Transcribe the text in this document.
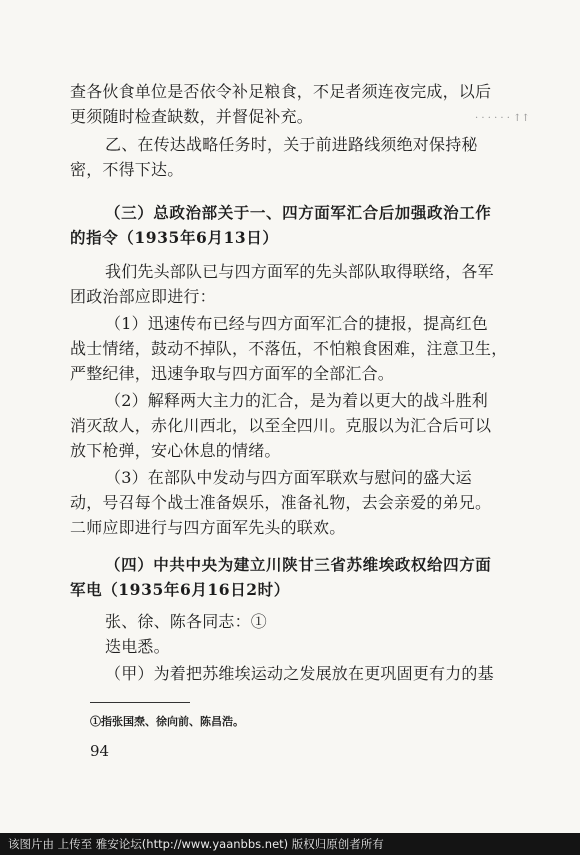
查各伙食单位是否依令补足粮食，不足者须连夜完成，以后
更须随时检查缺数，并督促补充。	· · · · · · ↑↑
乙、在传达战略任务时，关于前进路线须绝对保持秘
密，不得下达。
（三）总政治部关于一、四方面军汇合后加强政治工作
的指令（1935年6月13日）
我们先头部队已与四方面军的先头部队取得联络，各军
团政治部应即进行：
（1）迅速传布已经与四方面军汇合的捷报，提高红色
战士情绪，鼓动不掉队，不落伍，不怕粮食困难，注意卫生，
严整纪律，迅速争取与四方面军的全部汇合。
（2）解释两大主力的汇合，是为着以更大的战斗胜利
消灭敌人，赤化川西北，以至全四川。克服以为汇合后可以
放下枪弹，安心休息的情绪。
（3）在部队中发动与四方面军联欢与慰问的盛大运
动，号召每个战士准备娱乐，准备礼物，去会亲爱的弟兄。
二师应即进行与四方面军先头的联欢。
（四）中共中央为建立川陕甘三省苏维埃政权给四方面
军电（1935年6月16日2时）
张、徐、陈各同志：①
迭电悉。
（甲）为着把苏维埃运动之发展放在更巩固更有力的基
①指张国焘、徐向前、陈昌浩。
94
该图片由 上传至 雅安论坛(http://www.yaanbbs.net) 版权归原创者所有
